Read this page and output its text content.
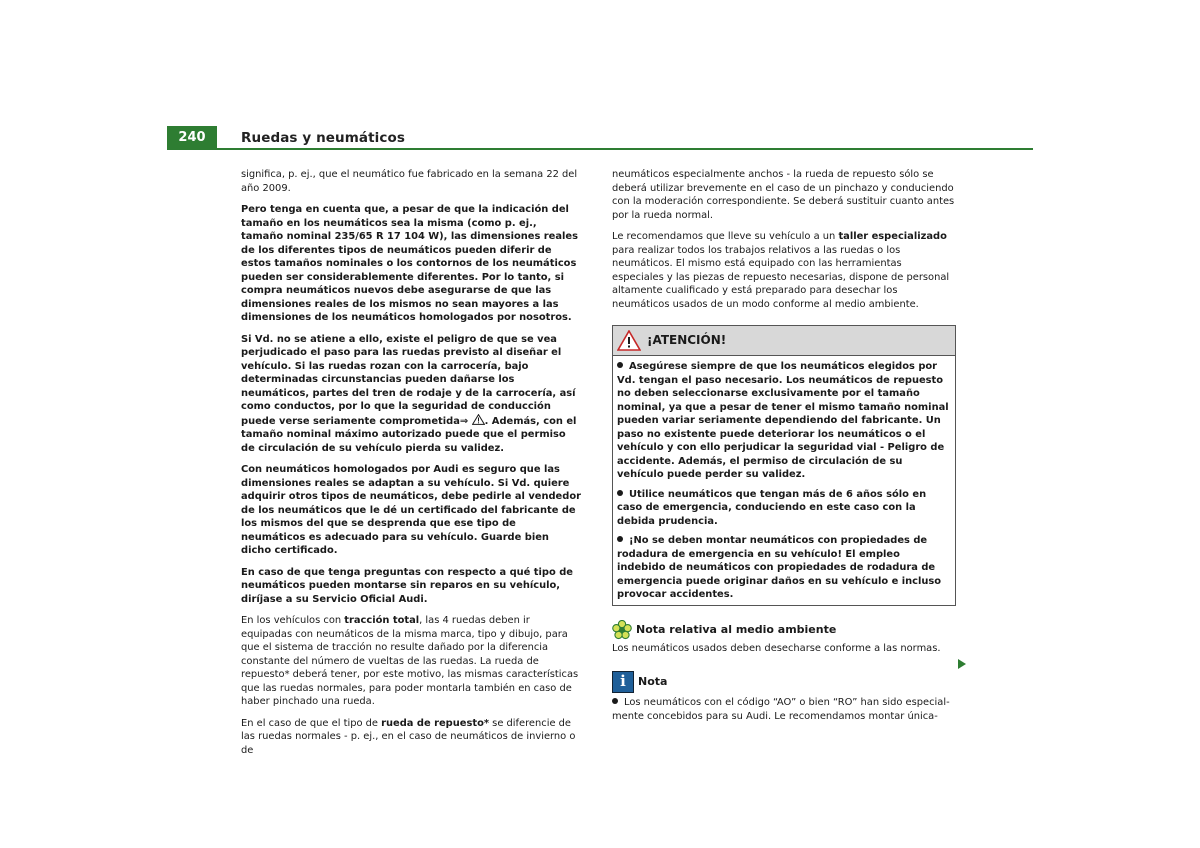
240	Ruedas y neumáticos

significa, p. ej., que el neumático fue fabricado en la semana 22 del año 2009.

Pero tenga en cuenta que, a pesar de que la indicación del tamaño en los neumáticos sea la misma (como p. ej., tamaño nominal 235/65 R 17 104 W), las dimensiones reales de los diferentes tipos de neumáticos pueden diferir de estos tamaños nominales o los contornos de los neumáticos pueden ser considerablemente diferentes. Por lo tanto, si compra neumáticos nuevos debe asegurarse de que las dimensiones reales de los mismos no sean mayores a las dimensiones de los neumáticos homologados por nosotros.

Si Vd. no se atiene a ello, existe el peligro de que se vea perjudicado el paso para las ruedas previsto al diseñar el vehículo. Si las ruedas rozan con la carrocería, bajo determinadas circunstancias pueden dañarse los neumáticos, partes del tren de rodaje y de la carrocería, así como conductos, por lo que la seguridad de conducción puede verse seriamente comprometida⇒ . Además, con el tamaño nominal máximo autorizado puede que el permiso de circulación de su vehículo pierda su validez.

Con neumáticos homologados por Audi es seguro que las dimensiones reales se adaptan a su vehículo. Si Vd. quiere adquirir otros tipos de neumáticos, debe pedirle al vendedor de los neumáticos que le dé un certificado del fabricante de los mismos del que se desprenda que ese tipo de neumáticos es adecuado para su vehículo. Guarde bien dicho certificado.

En caso de que tenga preguntas con respecto a qué tipo de neumáticos pueden montarse sin reparos en su vehículo, diríjase a su Servicio Oficial Audi.

En los vehículos con tracción total, las 4 ruedas deben ir equipadas con neumáticos de la misma marca, tipo y dibujo, para que el sistema de tracción no resulte dañado por la diferencia constante del número de vueltas de las ruedas. La rueda de repuesto* deberá tener, por este motivo, las mismas características que las ruedas normales, para poder montarla también en caso de haber pinchado una rueda.

En el caso de que el tipo de rueda de repuesto* se diferencie de las ruedas normales - p. ej., en el caso de neumáticos de invierno o de

neumáticos especialmente anchos - la rueda de repuesto sólo se deberá utilizar brevemente en el caso de un pinchazo y conduciendo con la moderación correspondiente. Se deberá sustituir cuanto antes por la rueda normal.

Le recomendamos que lleve su vehículo a un taller especializado para realizar todos los trabajos relativos a las ruedas o los neumáticos. El mismo está equipado con las herramientas especiales y las piezas de repuesto necesarias, dispone de personal altamente cualificado y está preparado para desechar los neumáticos usados de un modo conforme al medio ambiente.

¡ATENCIÓN!

Asegúrese siempre de que los neumáticos elegidos por Vd. tengan el paso necesario. Los neumáticos de repuesto no deben seleccionarse exclusivamente por el tamaño nominal, ya que a pesar de tener el mismo tamaño nominal pueden variar seriamente dependiendo del fabricante. Un paso no existente puede deteriorar los neumáticos o el vehículo y con ello perjudicar la seguridad vial - Peligro de accidente. Además, el permiso de circulación de su vehículo puede perder su validez.

Utilice neumáticos que tengan más de 6 años sólo en caso de emergencia, conduciendo en este caso con la debida prudencia.

¡No se deben montar neumáticos con propiedades de rodadura de emergencia en su vehículo! El empleo indebido de neumáticos con propiedades de rodadura de emergencia puede originar daños en su vehículo e incluso provocar accidentes.

Nota relativa al medio ambiente

Los neumáticos usados deben desecharse conforme a las normas.

i	Nota

Los neumáticos con el código “AO” o bien “RO” han sido especialmente concebidos para su Audi. Le recomendamos montar única-
